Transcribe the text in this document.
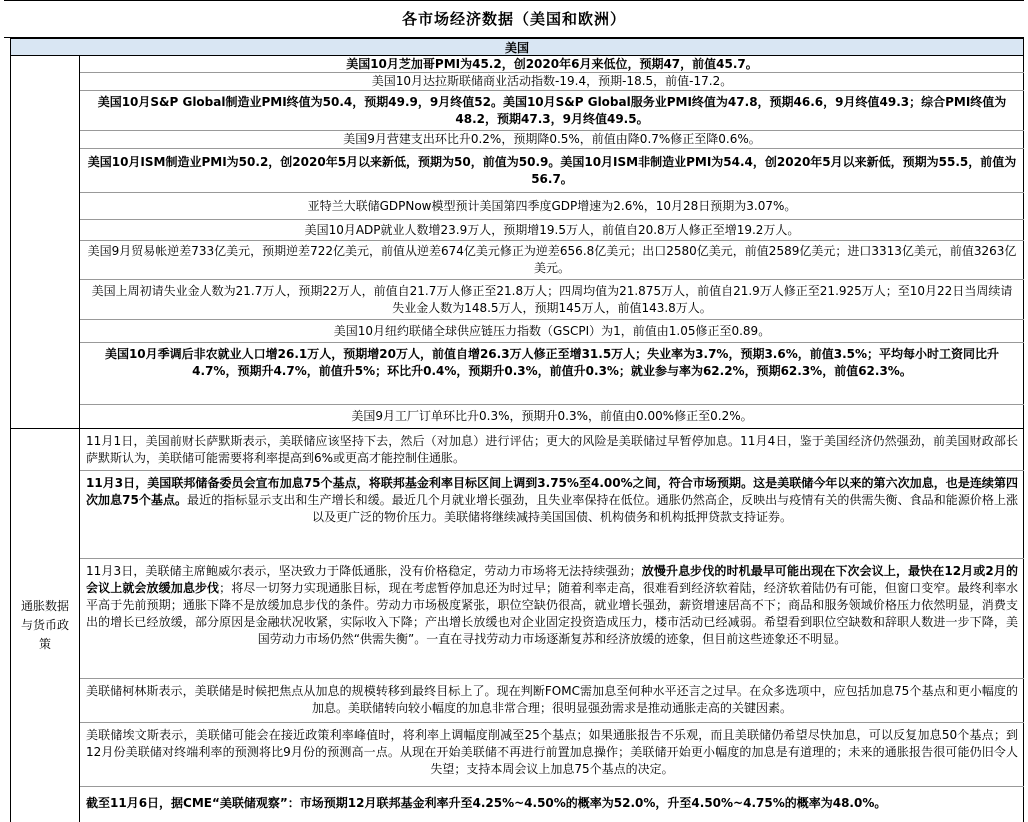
各市场经济数据（美国和欧洲）
美国
通胀数据与货币政策
美国10月芝加哥PMI为45.2，创2020年6月来低位，预期47，前值45.7。
美国10月达拉斯联储商业活动指数-19.4，预期-18.5，前值-17.2。
美国10月S&P Global制造业PMI终值为50.4，预期49.9，9月终值52。美国10月S&P Global服务业PMI终值为47.8，预期46.6，9月终值49.3；综合PMI终值为48.2，预期47.3，9月终值49.5。
美国9月营建支出环比升0.2%，预期降0.5%，前值由降0.7%修正至降0.6%。
美国10月ISM制造业PMI为50.2，创2020年5月以来新低，预期为50，前值为50.9。美国10月ISM非制造业PMI为54.4，创2020年5月以来新低，预期为55.5，前值为56.7。
亚特兰大联储GDPNow模型预计美国第四季度GDP增速为2.6%，10月28日预期为3.07%。
美国10月ADP就业人数增23.9万人，预期增19.5万人，前值自20.8万人修正至增19.2万人。
美国9月贸易帐逆差733亿美元，预期逆差722亿美元，前值从逆差674亿美元修正为逆差656.8亿美元；出口2580亿美元，前值2589亿美元；进口3313亿美元，前值3263亿美元。
美国上周初请失业金人数为21.7万人，预期22万人，前值自21.7万人修正至21.8万人；四周均值为21.875万人，前值自21.9万人修正至21.925万人；至10月22日当周续请失业金人数为148.5万人，预期145万人，前值143.8万人。
美国10月纽约联储全球供应链压力指数（GSCPI）为1，前值由1.05修正至0.89。
美国10月季调后非农就业人口增26.1万人，预期增20万人，前值自增26.3万人修正至增31.5万人；失业率为3.7%，预期3.6%，前值3.5%；平均每小时工资同比升4.7%，预期升4.7%，前值升5%；环比升0.4%，预期升0.3%，前值升0.3%；就业参与率为62.2%，预期62.3%，前值62.3%。
美国9月工厂订单环比升0.3%，预期升0.3%，前值由0.00%修正至0.2%。
11月1日，美国前财长萨默斯表示，美联储应该坚持下去，然后（对加息）进行评估；更大的风险是美联储过早暂停加息。11月4日，鉴于美国经济仍然强劲，前美国财政部长萨默斯认为，美联储可能需要将利率提高到6%或更高才能控制住通胀。
11月3日，美国联邦储备委员会宣布加息75个基点，将联邦基金利率目标区间上调到3.75%至4.00%之间，符合市场预期。这是美联储今年以来的第六次加息，也是连续第四次加息75个基点。最近的指标显示支出和生产增长和缓。最近几个月就业增长强劲，且失业率保持在低位。通胀仍然高企，反映出与疫情有关的供需失衡、食品和能源价格上涨以及更广泛的物价压力。美联储将继续减持美国国债、机构债务和机构抵押贷款支持证券。
11月3日，美联储主席鲍威尔表示，坚决致力于降低通胀，没有价格稳定，劳动力市场将无法持续强劲；放慢升息步伐的时机最早可能出现在下次会议上，最快在12月或2月的会议上就会放缓加息步伐；将尽一切努力实现通胀目标，现在考虑暂停加息还为时过早；随着利率走高，很难看到经济软着陆，经济软着陆仍有可能，但窗口变窄。最终利率水平高于先前预期；通胀下降不是放缓加息步伐的条件。劳动力市场极度紧张，职位空缺仍很高，就业增长强劲，薪资增速居高不下；商品和服务领域价格压力依然明显，消费支出的增长已经放缓，部分原因是金融状况收紧，实际收入下降；产出增长放缓也对企业固定投资造成压力，楼市活动已经减弱。希望看到职位空缺数和辞职人数进一步下降，美国劳动力市场仍然“供需失衡”。一直在寻找劳动力市场逐渐复苏和经济放缓的迹象，但目前这些迹象还不明显。
美联储柯林斯表示，美联储是时候把焦点从加息的规模转移到最终目标上了。现在判断FOMC需加息至何种水平还言之过早。在众多选项中，应包括加息75个基点和更小幅度的加息。美联储转向较小幅度的加息非常合理；很明显强劲需求是推动通胀走高的关键因素。
美联储埃文斯表示，美联储可能会在接近政策利率峰值时，将利率上调幅度削减至25个基点；如果通胀报告不乐观，而且美联储仍希望尽快加息，可以反复加息50个基点；到12月份美联储对终端利率的预测将比9月份的预测高一点。从现在开始美联储不再进行前置加息操作；美联储开始更小幅度的加息是有道理的；未来的通胀报告很可能仍旧令人失望；支持本周会议上加息75个基点的决定。
截至11月6日，据CME“美联储观察”：市场预期12月联邦基金利率升至4.25%~4.50%的概率为52.0%，升至4.50%~4.75%的概率为48.0%。
